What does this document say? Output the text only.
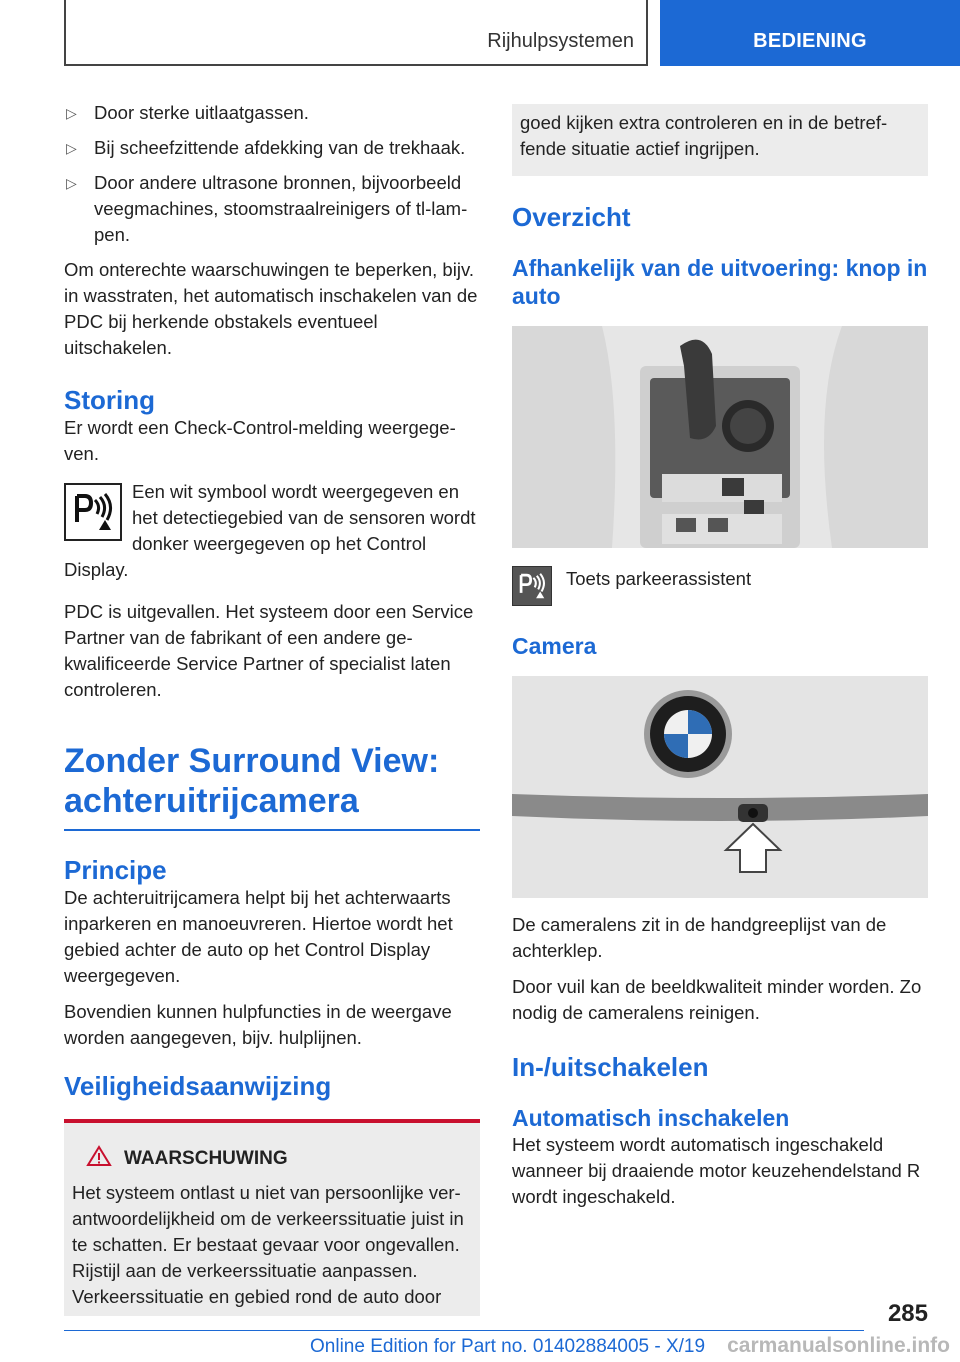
Rijhulpsystemen	BEDIENING
▷ Door sterke uitlaatgassen.
▷ Bij scheefzittende afdekking van de trekhaak.
▷ Door andere ultrasone bronnen, bijvoorbeeld veegmachines, stoomstraalreinigers of tl-lampen.

Om onterechte waarschuwingen te beperken, bijv. in wasstraten, het automatisch inschakelen van de PDC bij herkende obstakels eventueel uitschakelen.

Storing

Er wordt een Check-Control-melding weergegeven.

Een wit symbool wordt weergegeven en het detectiegebied van de sensoren wordt donker weergegeven op het Control Display.

PDC is uitgevallen. Het systeem door een Service Partner van de fabrikant of een andere gekwalificeerde Service Partner of specialist laten controleren.

Zonder Surround View: achteruitrijcamera
Principe

De achteruitrijcamera helpt bij het achterwaarts inparkeren en manoeuvreren. Hiertoe wordt het gebied achter de auto op het Control Display weergegeven.

Bovendien kunnen hulpfuncties in de weergave worden aangegeven, bijv. hulplijnen.

Veiligheidsaanwijzing
WAARSCHUWING

Het systeem ontlast u niet van persoonlijke verantwoordelijkheid om de verkeerssituatie juist in te schatten. Er bestaat gevaar voor ongevallen. Rijstijl aan de verkeerssituatie aanpassen. Verkeerssituatie en gebied rond de auto door

goed kijken extra controleren en in de betreffende situatie actief ingrijpen.

Overzicht
Afhankelijk van de uitvoering: knop in auto
Toets parkeerassistent
Camera

De cameralens zit in de handgreeplijst van de achterklep.

Door vuil kan de beeldkwaliteit minder worden. Zo nodig de cameralens reinigen.

In-/uitschakelen
Automatisch inschakelen

Het systeem wordt automatisch ingeschakeld wanneer bij draaiende motor keuzehendelstand R wordt ingeschakeld.

285
Online Edition for Part no. 01402884005 - X/19 carmanualsonline.info
